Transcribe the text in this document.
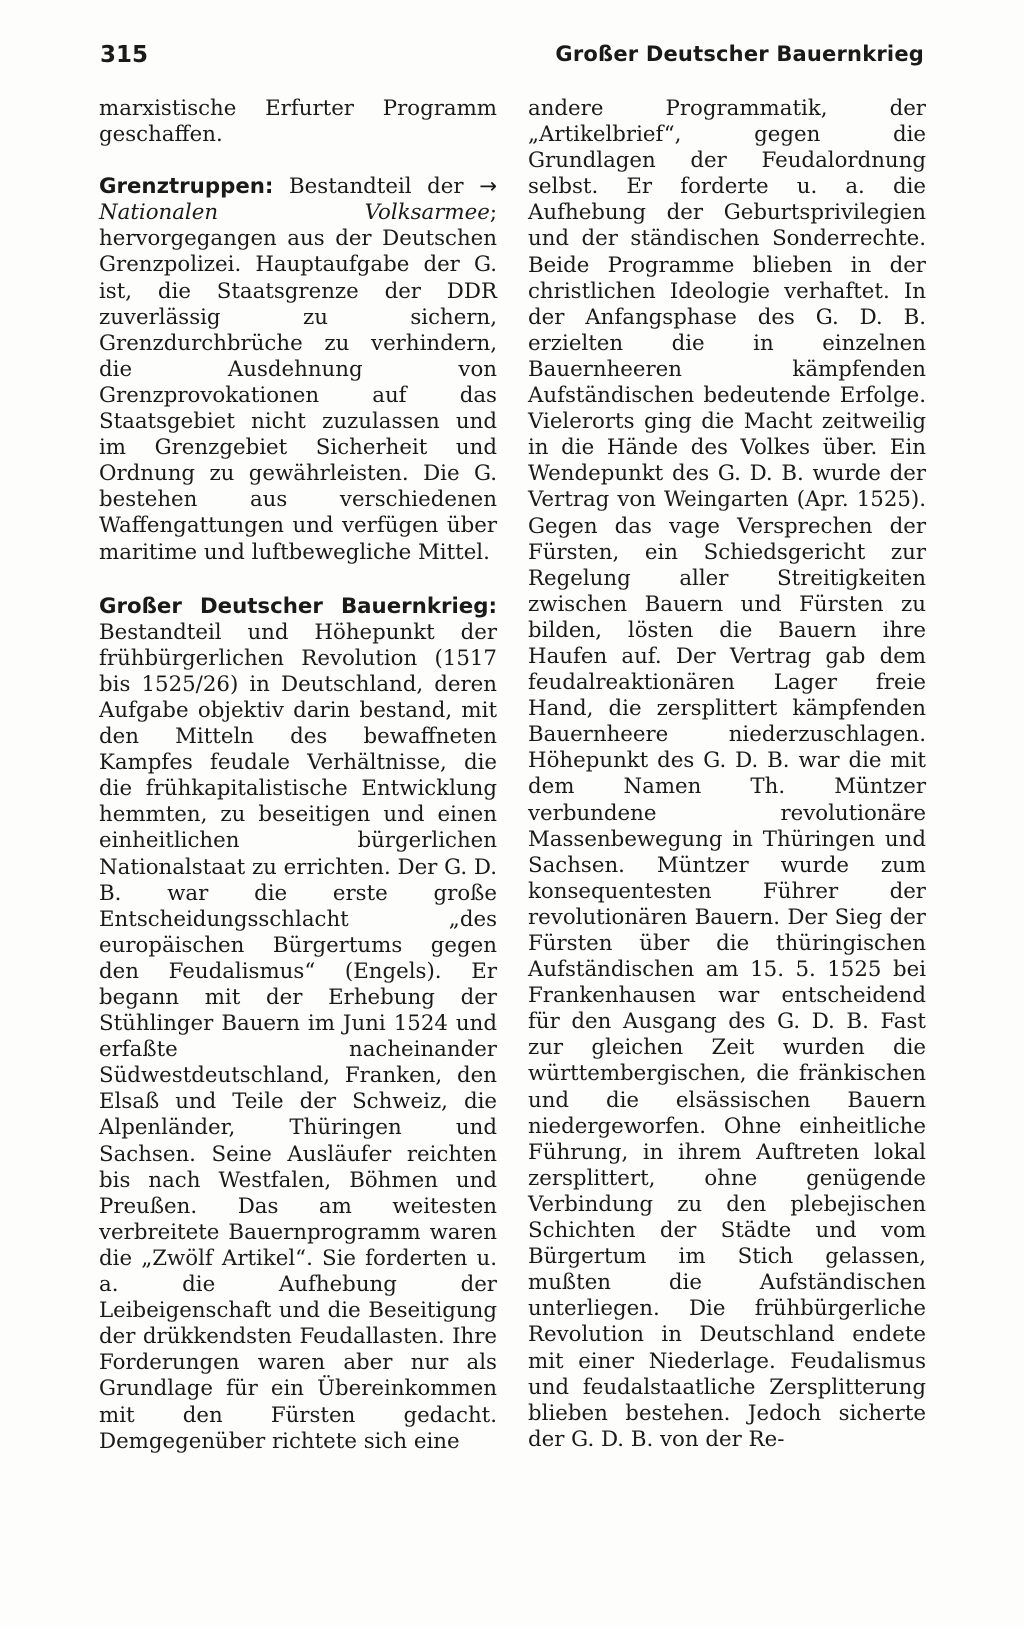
315	Großer Deutscher Bauernkrieg

marxistische Erfurter Programm geschaffen.

Grenztruppen: Bestandteil der → Nationalen Volksarmee; hervorgegangen aus der Deutschen Grenzpolizei. Hauptaufgabe der G. ist, die Staatsgrenze der DDR zuverlässig zu sichern, Grenzdurchbrüche zu verhindern, die Ausdehnung von Grenzprovokationen auf das Staatsgebiet nicht zuzulassen und im Grenzgebiet Sicherheit und Ordnung zu gewährleisten. Die G. bestehen aus verschiedenen Waffengattungen und verfügen über maritime und luftbewegliche Mittel.

Großer Deutscher Bauernkrieg: Bestandteil und Höhepunkt der frühbürgerlichen Revolution (1517 bis 1525/26) in Deutschland, deren Aufgabe objektiv darin bestand, mit den Mitteln des bewaffneten Kampfes feudale Verhältnisse, die die frühkapitalistische Entwicklung hemmten, zu beseitigen und einen einheitlichen bürgerlichen Nationalstaat zu errichten. Der G. D. B. war die erste große Entscheidungsschlacht „des europäischen Bürgertums gegen den Feudalismus“ (Engels). Er begann mit der Erhebung der Stühlinger Bauern im Juni 1524 und erfaßte nacheinander Südwestdeutschland, Franken, den Elsaß und Teile der Schweiz, die Alpenländer, Thüringen und Sachsen. Seine Ausläufer reichten bis nach Westfalen, Böhmen und Preußen. Das am weitesten verbreitete Bauernprogramm waren die „Zwölf Artikel“. Sie forderten u. a. die Aufhebung der Leibeigenschaft und die Beseitigung der drükkendsten Feudallasten. Ihre Forderungen waren aber nur als Grundlage für ein Übereinkommen mit den Fürsten gedacht. Demgegenüber richtete sich eine

andere Programmatik, der „Artikelbrief“, gegen die Grundlagen der Feudalordnung selbst. Er forderte u. a. die Aufhebung der Geburtsprivilegien und der ständischen Sonderrechte. Beide Programme blieben in der christlichen Ideologie verhaftet. In der Anfangsphase des G. D. B. erzielten die in einzelnen Bauernheeren kämpfenden Aufständischen bedeutende Erfolge. Vielerorts ging die Macht zeitweilig in die Hände des Volkes über. Ein Wendepunkt des G. D. B. wurde der Vertrag von Weingarten (Apr. 1525). Gegen das vage Versprechen der Fürsten, ein Schiedsgericht zur Regelung aller Streitigkeiten zwischen Bauern und Fürsten zu bilden, lösten die Bauern ihre Haufen auf. Der Vertrag gab dem feudalreaktionären Lager freie Hand, die zersplittert kämpfenden Bauernheere niederzuschlagen. Höhepunkt des G. D. B. war die mit dem Namen Th. Müntzer verbundene revolutionäre Massenbewegung in Thüringen und Sachsen. Müntzer wurde zum konsequentesten Führer der revolutionären Bauern. Der Sieg der Fürsten über die thüringischen Aufständischen am 15. 5. 1525 bei Frankenhausen war entscheidend für den Ausgang des G. D. B. Fast zur gleichen Zeit wurden die württembergischen, die fränkischen und die elsässischen Bauern niedergeworfen. Ohne einheitliche Führung, in ihrem Auftreten lokal zersplittert, ohne genügende Verbindung zu den plebejischen Schichten der Städte und vom Bürgertum im Stich gelassen, mußten die Aufständischen unterliegen. Die frühbürgerliche Revolution in Deutschland endete mit einer Niederlage. Feudalismus und feudalstaatliche Zersplitterung blieben bestehen. Jedoch sicherte der G. D. B. von der Re-
